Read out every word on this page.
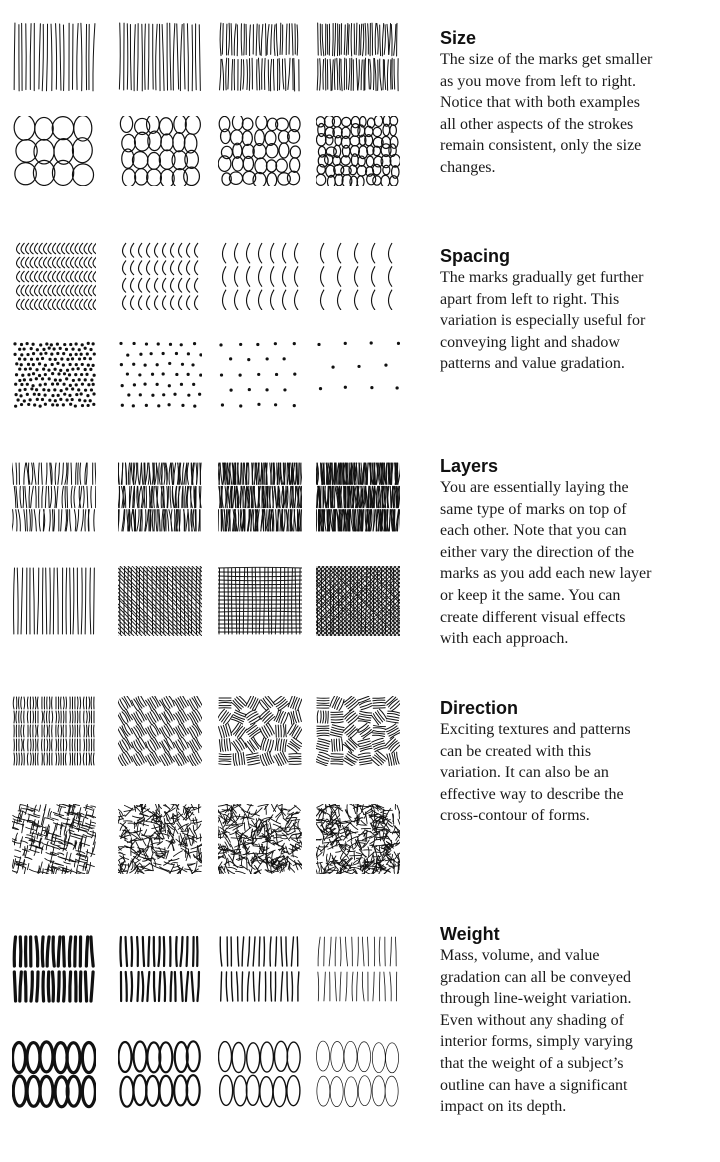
Size

The size of the marks get smaller
as you move from left to right.
Notice that with both examples
all other aspects of the strokes
remain consistent, only the size
changes.

Spacing

The marks gradually get further
apart from left to right. This
variation is especially useful for
conveying light and shadow
patterns and value gradation.

Layers

You are essentially laying the
same type of marks on top of
each other. Note that you can
either vary the direction of the
marks as you add each new layer
or keep it the same. You can
create different visual effects
with each approach.

Direction

Exciting textures and patterns
can be created with this
variation. It can also be an
effective way to describe the
cross-contour of forms.

Weight

Mass, volume, and value
gradation can all be conveyed
through line-weight variation.
Even without any shading of
interior forms, simply varying
that the weight of a subject’s
outline can have a significant
impact on its depth.
